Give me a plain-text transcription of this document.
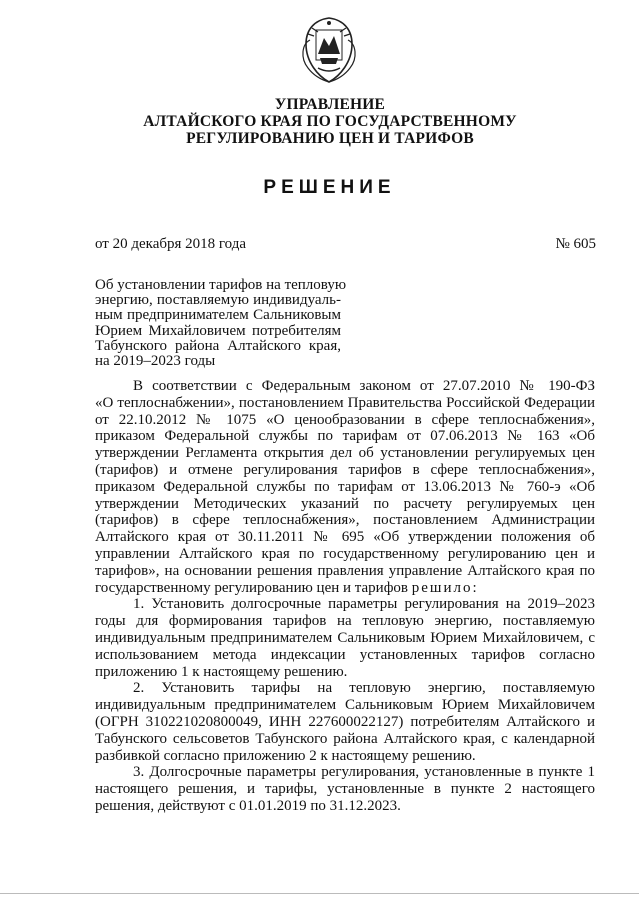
УПРАВЛЕНИЕ
АЛТАЙСКОГО КРАЯ ПО ГОСУДАРСТВЕННОМУ
РЕГУЛИРОВАНИЮ ЦЕН И ТАРИФОВ
РЕШЕНИЕ
от 20 декабря 2018 года	№ 605
Об установлении тарифов на тепловую
энергию, поставляемую индивидуаль-
ным предпринимателем Сальниковым
Юрием Михайловичем потребителям
Табунского района Алтайского края,
на 2019–2023 годы
В соответствии с Федеральным законом от 27.07.2010 № 190-ФЗ
«О теплоснабжении», постановлением Правительства Российской Федерации
от 22.10.2012 № 1075 «О ценообразовании в сфере теплоснабжения»,
приказом Федеральной службы по тарифам от 07.06.2013 № 163 «Об
утверждении Регламента открытия дел об установлении регулируемых цен
(тарифов) и отмене регулирования тарифов в сфере теплоснабжения»,
приказом Федеральной службы по тарифам от 13.06.2013 № 760-э «Об
утверждении Методических указаний по расчету регулируемых цен
(тарифов) в сфере теплоснабжения», постановлением Администрации
Алтайского края от 30.11.2011 № 695 «Об утверждении положения об
управлении Алтайского края по государственному регулированию цен и
тарифов», на основании решения правления управление Алтайского края по
государственному регулированию цен и тарифов решило:
1. Установить долгосрочные параметры регулирования на 2019–2023
годы для формирования тарифов на тепловую энергию, поставляемую
индивидуальным предпринимателем Сальниковым Юрием Михайловичем, с
использованием метода индексации установленных тарифов согласно
приложению 1 к настоящему решению.
2. Установить тарифы на тепловую энергию, поставляемую
индивидуальным предпринимателем Сальниковым Юрием Михайловичем
(ОГРН 310221020800049, ИНН 227600022127) потребителям Алтайского и
Табунского сельсоветов Табунского района Алтайского края, с календарной
разбивкой согласно приложению 2 к настоящему решению.
3. Долгосрочные параметры регулирования, установленные в пункте 1
настоящего решения, и тарифы, установленные в пункте 2 настоящего
решения, действуют с 01.01.2019 по 31.12.2023.
